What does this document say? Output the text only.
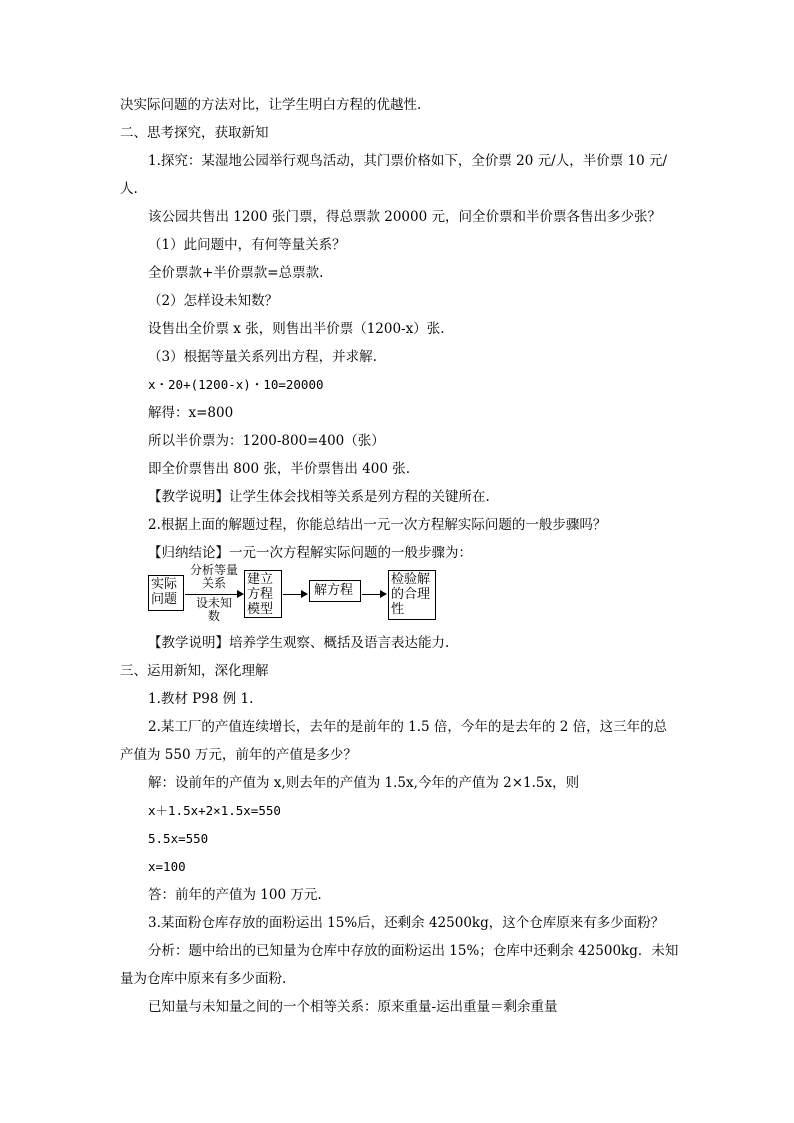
决实际问题的方法对比，让学生明白方程的优越性.
二、思考探究，获取新知
1.探究：某湿地公园举行观鸟活动，其门票价格如下，全价票 20 元/人，半价票 10 元/
人.
该公园共售出 1200 张门票，得总票款 20000 元，问全价票和半价票各售出多少张？
（1）此问题中，有何等量关系？
全价票款+半价票款=总票款.
（2）怎样设未知数？
设售出全价票 x 张，则售出半价票（1200-x）张.
（3）根据等量关系列出方程，并求解.
x・20+(1200-x)・10=20000
解得：x=800
所以半价票为：1200-800=400（张）
即全价票售出 800 张，半价票售出 400 张.
【教学说明】让学生体会找相等关系是列方程的关键所在.
2.根据上面的解题过程，你能总结出一元一次方程解实际问题的一般步骤吗？
【归纳结论】一元一次方程解实际问题的一般步骤为：
实际问题
分析等量关系
设未知数
建立方程模型
解方程
检验解的合理性
【教学说明】培养学生观察、概括及语言表达能力.
三、运用新知，深化理解
1.教材 P98 例 1.
2.某工厂的产值连续增长，去年的是前年的 1.5 倍，今年的是去年的 2 倍，这三年的总
产值为 550 万元，前年的产值是多少？
解：设前年的产值为 x,则去年的产值为 1.5x,今年的产值为 2×1.5x，则
x＋1.5x+2×1.5x=550
5.5x=550
x=100
答：前年的产值为 100 万元.
3.某面粉仓库存放的面粉运出 15%后，还剩余 42500kg，这个仓库原来有多少面粉？
分析：题中给出的已知量为仓库中存放的面粉运出 15%；仓库中还剩余 42500kg．未知
量为仓库中原来有多少面粉.
已知量与未知量之间的一个相等关系：原来重量-运出重量＝剩余重量
